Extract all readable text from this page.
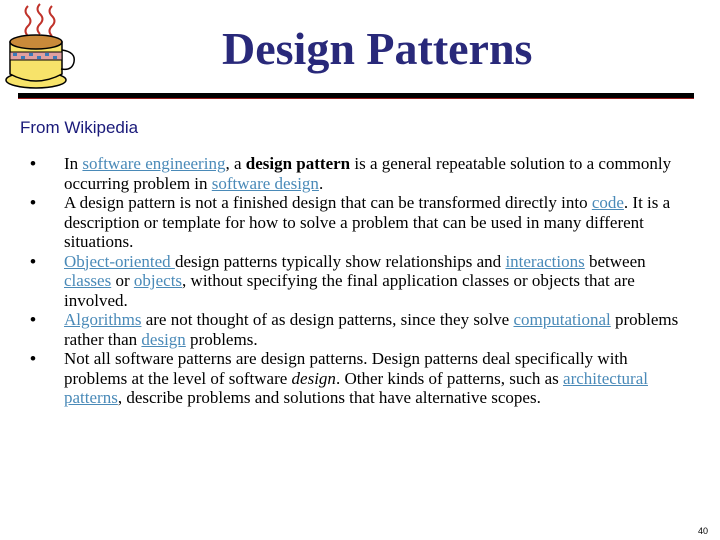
Design Patterns

From Wikipedia

• In software engineering, a design pattern is a general repeatable solution to a commonly occurring problem in software design.
• A design pattern is not a finished design that can be transformed directly into code. It is a description or template for how to solve a problem that can be used in many different situations.
• Object-oriented design patterns typically show relationships and interactions between classes or objects, without specifying the final application classes or objects that are involved.
• Algorithms are not thought of as design patterns, since they solve computational problems rather than design problems.
• Not all software patterns are design patterns. Design patterns deal specifically with problems at the level of software design. Other kinds of patterns, such as architectural patterns, describe problems and solutions that have alternative scopes.
40
